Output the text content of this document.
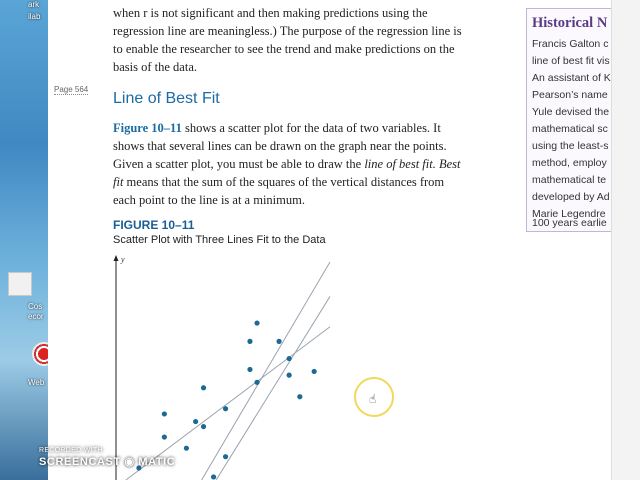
ark
ilab
Cos
ecor
Web
when r is not significant and then making predictions using the
regression line are meaningless.) The purpose of the regression line is
to enable the researcher to see the trend and make predictions on the
basis of the data.
Page 564
Line of Best Fit
Figure 10–11 shows a scatter plot for the data of two variables. It
shows that several lines can be drawn on the graph near the points.
Given a scatter plot, you must be able to draw the line of best fit. Best
fit means that the sum of the squares of the vertical distances from
each point to the line is at a minimum.
FIGURE 10–11
Scatter Plot with Three Lines Fit to the Data
Historical N
Francis Galton c
line of best fit vis
An assistant of K
Pearson’s name
Yule devised the
mathematical sc
using the least-s
method, employ
mathematical te
developed by Ad
Marie Legendre
100 years earlie
y
☝
RECORDED WITH
SCREENCAST ◉ MATIC
